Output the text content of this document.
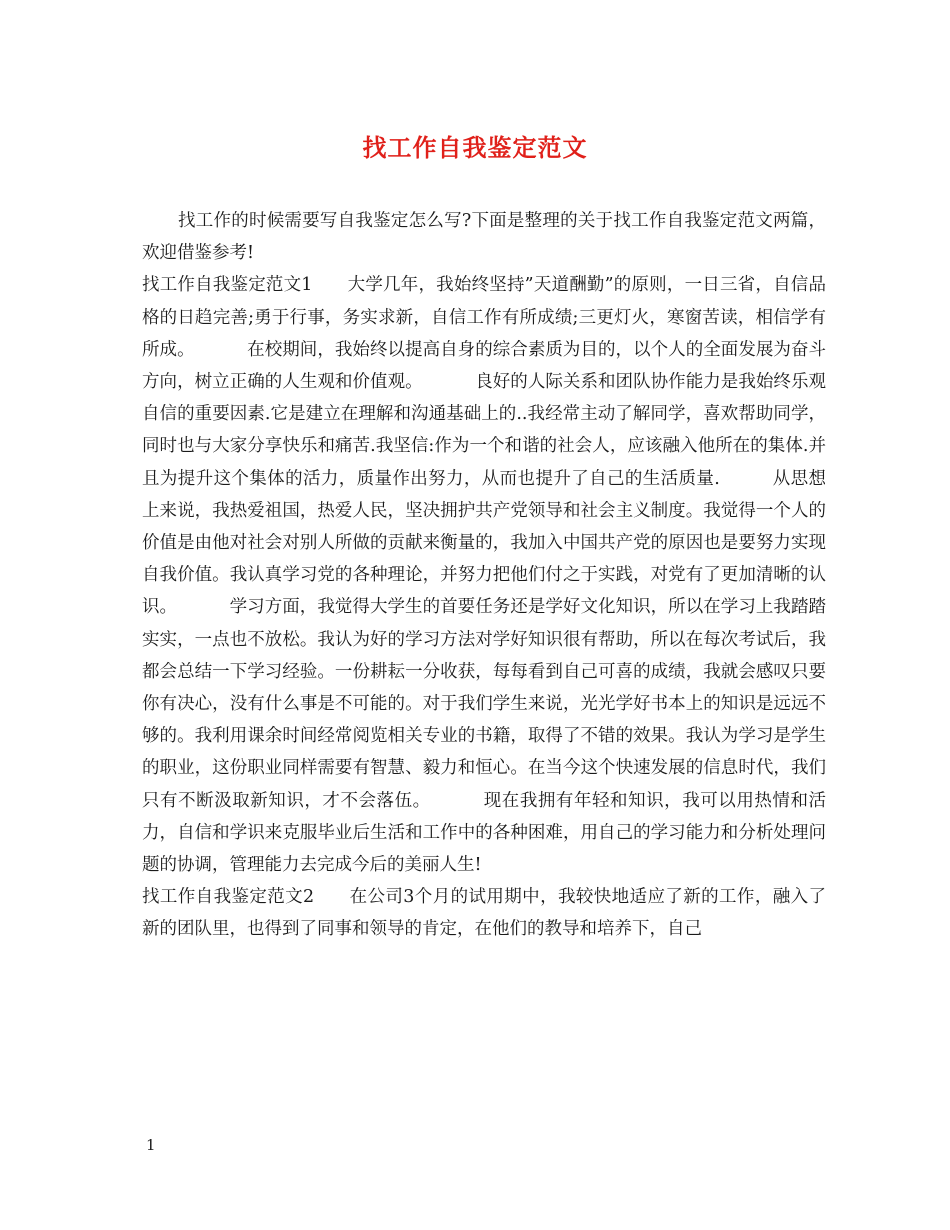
找工作自我鉴定范文

找工作的时候需要写自我鉴定怎么写?下面是整理的关于找工作自我鉴定范文两篇，欢迎借鉴参考!

找工作自我鉴定范文1 大学几年，我始终坚持”天道酬勤”的原则，一日三省，自信品格的日趋完善;勇于行事，务实求新，自信工作有所成绩;三更灯火，寒窗苦读，相信学有所成。	在校期间，我始终以提高自身的综合素质为目的，以个人的全面发展为奋斗方向，树立正确的人生观和价值观。	良好的人际关系和团队协作能力是我始终乐观自信的重要因素.它是建立在理解和沟通基础上的..我经常主动了解同学，喜欢帮助同学，同时也与大家分享快乐和痛苦.我坚信:作为一个和谐的社会人，应该融入他所在的集体.并且为提升这个集体的活力，质量作出努力，从而也提升了自己的生活质量.	从思想上来说，我热爱祖国，热爱人民，坚决拥护共产党领导和社会主义制度。我觉得一个人的价值是由他对社会对别人所做的贡献来衡量的，我加入中国共产党的原因也是要努力实现自我价值。我认真学习党的各种理论，并努力把他们付之于实践，对党有了更加清晰的认识。	学习方面，我觉得大学生的首要任务还是学好文化知识，所以在学习上我踏踏实实，一点也不放松。我认为好的学习方法对学好知识很有帮助，所以在每次考试后，我都会总结一下学习经验。一份耕耘一分收获，每每看到自己可喜的成绩，我就会感叹只要你有决心，没有什么事是不可能的。对于我们学生来说，光光学好书本上的知识是远远不够的。我利用课余时间经常阅览相关专业的书籍，取得了不错的效果。我认为学习是学生的职业，这份职业同样需要有智慧、毅力和恒心。在当今这个快速发展的信息时代，我们只有不断汲取新知识，才不会落伍。	现在我拥有年轻和知识，我可以用热情和活力，自信和学识来克服毕业后生活和工作中的各种困难，用自己的学习能力和分析处理问题的协调，管理能力去完成今后的美丽人生!

找工作自我鉴定范文2 在公司3个月的试用期中，我较快地适应了新的工作，融入了新的团队里，也得到了同事和领导的肯定，在他们的教导和培养下，自己

1
